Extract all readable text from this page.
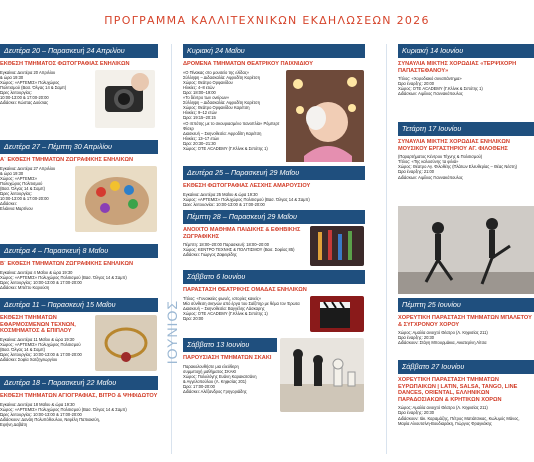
ΠΡΟΓΡΑΜΜΑ ΚΑΛΛΙΤΕΧΝΙΚΩΝ ΕΚΔΗΛΩΣΕΩΝ 2026
ΙΟΥΝΙΟΣ
Δευτέρα 20 – Παρασκευή 24 Απριλίου
ΕΚΘΕΣΗ ΤΜΗΜΑΤΟΣ ΦΩΤΟΓΡΑΦΙΑΣ ΕΝΗΛΙΚΩΝ
Εγκαίνια: Δευτέρα 20 Απριλίου
& ώρα 19:30
Χώρος: «ΑΡΤΕΜΙΣ» Πολυχώρος
Πολιτισμού (Βασ. Όλγας 14 & Σαμπ)
Ώρες λειτουργίας:
10:00-13:00 & 17:00-20:00
Διδάσκει: Κώστας Δούσιας
Δευτέρα 27 – Πέμπτη 30 Απριλίου
Α΄ ΕΚΘΕΣΗ ΤΜΗΜΑΤΩΝ ΖΩΓΡΑΦΙΚΗΣ ΕΝΗΛΙΚΩΝ
Εγκαίνια: Δευτέρα 27 Απριλίου
& ώρα 19:30
Χώρος: «ΑΡΤΕΜΙΣ»
Πολυχώρος Πολιτισμού
(Βασ. Όλγας 14 & Σαμπ)
Ώρες λειτουργίας:
10:00-13:00 & 17:00-20:00
Διδάσκει:
Ελιάννα Μαρτίνου
Δευτέρα 4 – Παρασκευή 8 Μαΐου
Β΄ ΕΚΘΕΣΗ ΤΜΗΜΑΤΩΝ ΖΩΓΡΑΦΙΚΗΣ ΕΝΗΛΙΚΩΝ
Εγκαίνια: Δευτέρα 4 Μαΐου & ώρα 19:30
Χώρος: «ΑΡΤΕΜΙΣ» Πολυχώρος Πολιτισμού (Βασ. Όλγας 14 & Σαμπ)
Ώρες λειτουργίας: 10:00-13:00 & 17:00-20:00
Διδάσκει: Μπέττυ Καρούση
Δευτέρα 11 – Παρασκευή 15 Μαΐου
ΕΚΘΕΣΗ ΤΜΗΜΑΤΩΝ ΕΦΑΡΜΟΣΜΕΝΩΝ ΤΕΧΝΩΝ, ΚΟΣΜΗΜΑΤΟΣ & ΕΠΙΠΛΟΥ
Εγκαίνια: Δευτέρα 11 Μαΐου & ώρα 19:30
Χώρος: «ΑΡΤΕΜΙΣ» Πολυχώρος Πολιτισμού
(Βασ. Όλγας 14 & Σαμπ)
Ώρες λειτουργίας: 10:00-13:00 & 17:00-20:00
Διδάσκει: Σοφία Χατζηγεωργίου
Δευτέρα 18 – Παρασκευή 22 Μαΐου
ΕΚΘΕΣΗ ΤΜΗΜΑΤΩΝ ΑΓΙΟΓΡΑΦΙΑΣ, ΒΙΤΡΟ & ΨΗΦΙΔΩΤΟΥ
Εγκαίνια: Δευτέρα 18 Μαΐου & ώρα 19:30
Χώρος: «ΑΡΤΕΜΙΣ» Πολυχώρος Πολιτισμού (Βασ. Όλγας 14 & Σαμπ)
Ώρες λειτουργίας: 10:00-13:00 & 17:00-20:00
Διδάσκουν: Δανάη Πολυπόθουλου, Νεφέλη Παπιακεύη,
Ειρήνη Δαβάτη
Κυριακή 24 Μαΐου
ΔΡΟΜΕΝΑ ΤΜΗΜΑΤΩΝ ΘΕΑΤΡΙΚΟΥ ΠΑΙΧΝΙΔΙΟΥ
«Ο Πίνακας στο μουσείο της ελίδας»
Σύλληψη – Διδασκαλία: Αφροδίτη Καρέτση
Χώρος: Θεάτρο Ορφανίδου
Ηλικίες: 4–8 ετών
Ώρα: 18:00–19:00
«Το δέντρο των ονείρων»
Σύλληψη – Διδασκαλία: Αφροδίτη Καρέτση
Χώρος: Θεάτρο Ορφανίδου Καρέτση
Ηλικίες: 9–12 ετών
Ώρα: 19:15–20:15
«Ο ιππότης με το σκουριασμένο πανοπλία» Ρόμπερτ Φίσερ
Διασκευή – Σκηνοθεσία: Αφροδίτη Καρέτση
Ηλικίες: 13–17 ετών
Ώρα: 20:30–21:30
Χώρος: ΟΤΕ ACADEMY (Γ.Κλίνικ & Σιπότης 1)
Δευτέρα 25 – Παρασκευή 29 Μαΐου
ΕΚΘΕΣΗ ΦΩΤΟΓΡΑΦΙΑΣ ΛΕΣΧΗΣ ΑΜΑΡΟΥΣΙΟΥ
Εγκαίνια: Δευτέρα 25 Μαΐου & ώρα 19:30
Χώρος: «ΑΡΤΕΜΙΣ» Πολυχώρος Πολιτισμού (Βασ. Όλγας 14 & Σαμπ)
Ώρες λειτουργίας: 10:00-13:00 & 17:00-20:00
Πέμπτη 28 – Παρασκευή 29 Μαΐου
ΑΝΟΙΧΤΟ ΜΑΘΗΜΑ ΠΑΙΔΙΚΗΣ & ΕΦΗΒΙΚΗΣ ΖΩΓΡΑΦΙΚΗΣ
Πέμπτη: 18:00–20:00 Παρασκευή: 18:00–20:00
Χώρος: ΚΕΝΤΡΟ ΤΕΧΝΗΣ & ΠΟΛΙΤΙΣΜΟΥ (Βασ. Σοφίας 85)
Διδάσκει: Γιώργος Ζαφειρίδης
Σάββατο 6 Ιουνίου
ΠΑΡΑΣΤΑΣΗ ΘΕΑΤΡΙΚΗΣ ΟΜΑΔΑΣ ΕΝΗΛΙΚΩΝ
Τίτλος: «Γυναικείες φωνές, ιστορίες κανείς»
Μία σύνθεση σκηνών από έργα του Σαίξπηρ με θέμα τον Έρωτα
Διασκευή – Σκηνοθεσία: Βαγγέλης Λάσκαρης
Χώρος: ΟΤΕ ACADEMY (Γ.Κλίνικ & Σιπότης 1)
Ώρα: 20:00
Σάββατο 13 Ιουνίου
ΠΑΡΟΥΣΙΑΣΗ ΤΜΗΜΑΤΩΝ ΣΚΑΚΙ
Παρακολουθήστε μια ελεύθερη
συμμετοχή μαθήματος ΣΚΑΚΙ
Χώρος: Πολυλόγης Ευάνη Καρακατσάνη
& Αγγελοπούλου (Λ. Κηφισίας 201)
Ώρα: 17:00-20:00
Διδάσκει: Αλέξανδρος Γρηγοριάδης
Κυριακή 14 Ιουνίου
ΣΥΝΑΥΛΙΑ ΜΙΚΤΗΣ ΧΟΡΩΔΙΑΣ «ΤΕΡΨΙΧΟΡΗ ΠΑΠΑΣΤΕΦΑΝΟΥ»
Τίτλος: «Χοροδιακό συναπάντημα»
Ώρα έναρξης: 20:00
Χώρος: ΟΤΕ ACADEMY (Γ.Κλίνικ & Σιπότης 1)
Διδάσκων: Αιμίλιος Γιαννακόπουλος
Τετάρτη 17 Ιουνίου
ΣΥΝΑΥΛΙΑ ΜΙΚΤΗΣ ΧΟΡΩΔΙΑΣ ΕΝΗΛΙΚΩΝ ΜΟΥΣΙΚΟΥ ΕΡΓΑΣΤΗΡΙΟΥ ΑΓ. ΦΙΛΟΘΕΗΣ
(Παραρτήματος Κέντρου Τέχνης & Πολιτισμού)
Τίτλος: «Της καλοσύνης τα φιλιά»
Χώρος: Θέατρο Αγ. Φιλοθέης (Πλάτων Ελευθερίας – Θέας Νέστη)
Ώρα έναρξης: 21:00
Διδάσκων: Αιμίλιος Γιαννακόπουλος
Πέμπτη 25 Ιουνίου
ΧΟΡΕΥΤΙΚΗ ΠΑΡΑΣΤΑΣΗ ΤΜΗΜΑΤΩΝ ΜΠΑΛΕΤΟΥ & ΣΥΓΧΡΟΝΟΥ ΧΟΡΟΥ
Χώρος: Αμαλία ανοιχτό Θέατρο (Λ. Κηφισίας 211)
Ώρα έναρξης: 20:30
Διδάσκουν: Στάγη Μπουρμάκια, Αικατερίνη Λίτσα
Σάββατο 27 Ιουνίου
ΧΟΡΕΥΤΙΚΗ ΠΑΡΑΣΤΑΣΗ ΤΜΗΜΑΤΩΝ ΕΥΡΩΠΑΙΚΩΝ | LATIN, SALSA, TANGO, LINE DANCES, ORIENTAL, ΕΛΛΗΝΙΚΩΝ ΠΑΡΑΔΟΣΙΑΚΩΝ & ΚΡΗΤΙΚΩΝ ΧΟΡΩΝ
Χώρος: Αμαλία ανοιχτό Θέατρο (Λ. Κηφισίας 211)
Ώρα έναρξης: 20:30
Διδάσκουν: Ιάκ. Καραμάζης, Πέτρος Ματιάτσικας, Κωλυμός Μάνος,
Μαρία Αλιουτσίνη-Βουδιαράκη, Γιώργος Φραγκάκης
